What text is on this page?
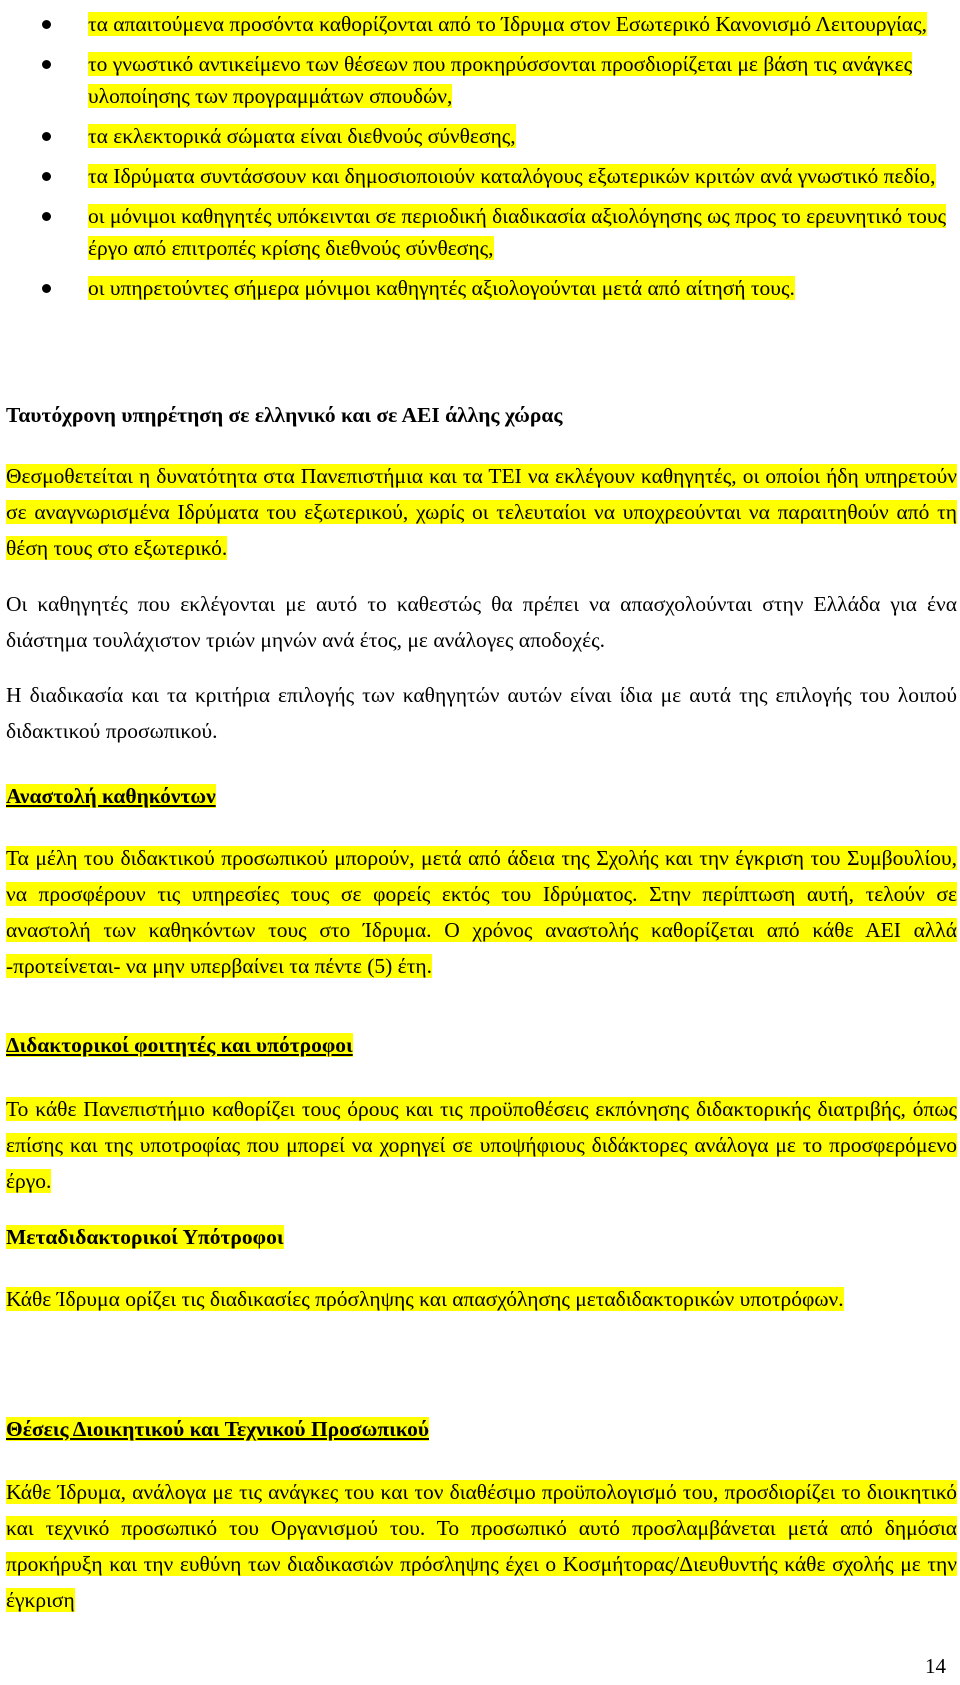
τα απαιτούμενα προσόντα καθορίζονται από το Ίδρυμα στον Εσωτερικό Κανονισμό Λειτουργίας,
το γνωστικό αντικείμενο των θέσεων που προκηρύσσονται προσδιορίζεται με βάση τις ανάγκες υλοποίησης των προγραμμάτων σπουδών,
τα εκλεκτορικά σώματα είναι διεθνούς σύνθεσης,
τα Ιδρύματα συντάσσουν και δημοσιοποιούν καταλόγους εξωτερικών κριτών ανά γνωστικό πεδίο,
οι μόνιμοι καθηγητές υπόκεινται σε περιοδική διαδικασία αξιολόγησης ως προς το ερευνητικό τους έργο από επιτροπές κρίσης διεθνούς σύνθεσης,
οι υπηρετούντες σήμερα μόνιμοι καθηγητές αξιολογούνται μετά από αίτησή τους.

Ταυτόχρονη υπηρέτηση σε ελληνικό και σε ΑΕΙ άλλης χώρας

Θεσμοθετείται η δυνατότητα στα Πανεπιστήμια και τα ΤΕΙ να εκλέγουν καθηγητές, οι οποίοι ήδη υπηρετούν σε αναγνωρισμένα Ιδρύματα του εξωτερικού, χωρίς οι τελευταίοι να υποχρεούνται να παραιτηθούν από τη θέση τους στο εξωτερικό.

Οι καθηγητές που εκλέγονται με αυτό το καθεστώς θα πρέπει να απασχολούνται στην Ελλάδα για ένα διάστημα τουλάχιστον τριών μηνών ανά έτος, με ανάλογες αποδοχές.

Η διαδικασία και τα κριτήρια επιλογής των καθηγητών αυτών είναι ίδια με αυτά της επιλογής του λοιπού διδακτικού προσωπικού.

Αναστολή καθηκόντων

Τα μέλη του διδακτικού προσωπικού μπορούν, μετά από άδεια της Σχολής και την έγκριση του Συμβουλίου, να προσφέρουν τις υπηρεσίες τους σε φορείς εκτός του Ιδρύματος. Στην περίπτωση αυτή, τελούν σε αναστολή των καθηκόντων τους στο Ίδρυμα. Ο χρόνος αναστολής καθορίζεται από κάθε ΑΕΙ αλλά -προτείνεται- να μην υπερβαίνει τα πέντε (5) έτη.

Διδακτορικοί φοιτητές και υπότροφοι

Το κάθε Πανεπιστήμιο καθορίζει τους όρους και τις προϋποθέσεις εκπόνησης διδακτορικής διατριβής, όπως επίσης και της υποτροφίας που μπορεί να χορηγεί σε υποψήφιους διδάκτορες ανάλογα με το προσφερόμενο έργο.

Μεταδιδακτορικοί Υπότροφοι

Κάθε Ίδρυμα ορίζει τις διαδικασίες πρόσληψης και απασχόλησης μεταδιδακτορικών υποτρόφων.

Θέσεις Διοικητικού και Τεχνικού Προσωπικού

Κάθε Ίδρυμα, ανάλογα με τις ανάγκες του και τον διαθέσιμο προϋπολογισμό του, προσδιορίζει το διοικητικό και τεχνικό προσωπικό του Οργανισμού του. Το προσωπικό αυτό προσλαμβάνεται μετά από δημόσια προκήρυξη και την ευθύνη των διαδικασιών πρόσληψης έχει ο Κοσμήτορας/Διευθυντής κάθε σχολής με την έγκριση

14
